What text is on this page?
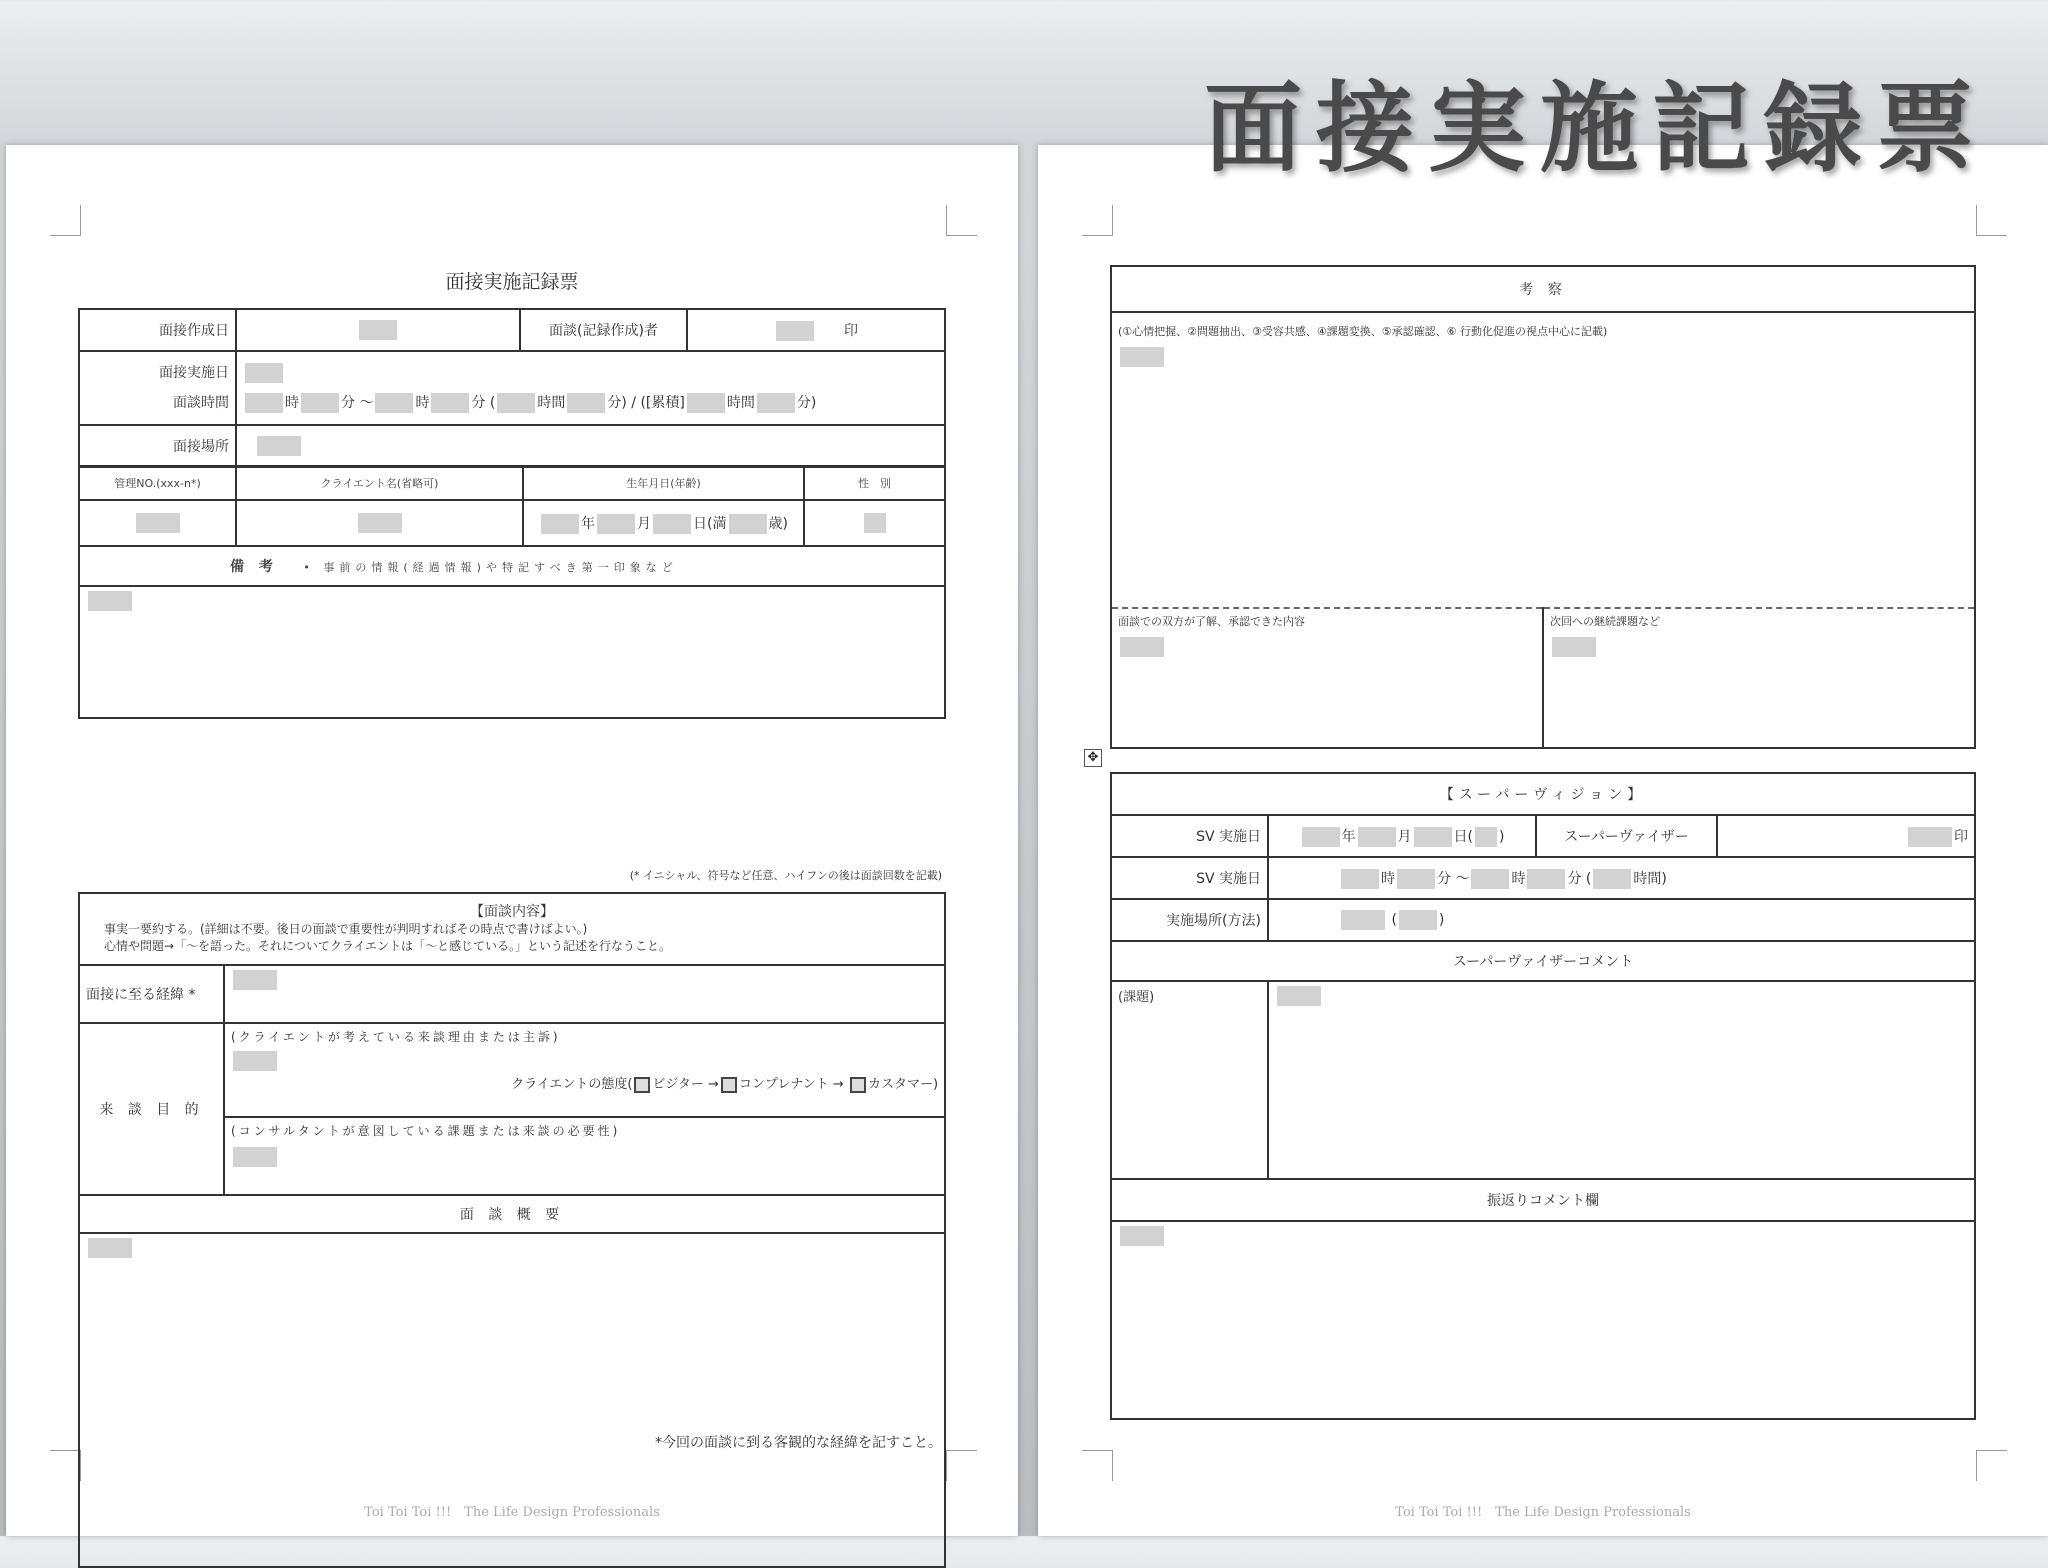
面接実施記録票
面接実施記録票
面接作成日		面談(記録作成)者	　　印

面接実施日
面談時間	時 分 〜 時 分 ( 時間 分) / ([累積] 時間 分)		

面接場所			
管理NO.(xxx-n*)	クライエント名(省略可)	生年月日(年齢)	性　別
		年 月 日(満 歳)	
備 考　　 • 事前の情報(経過情報)や特記すべき第一印象など			

(* イニシャル、符号など任意、ハイフンの後は面談回数を記載)
【面談内容】
事実一要約する。(詳細は不要。後日の面談で重要性が判明すればその時点で書けばよい。)
心情や問題→「〜を語った。それについてクライエントは「〜と感じている。」という記述を行なうこと。	

面接に至る経緯 *	
来 談 目 的	(クライエントが考えている来談理由または主訴)
クライエントの態度( ビジター → コンプレナント → カスタマー)

	(コンサルタントが意図している課題または来談の必要性)

面 談 概 要	

*今回の面談に到る客観的な経緯を記すこと。
Toi Toi Toi !!!　The Life Design Professionals
考 察

(①心情把握、②問題抽出、③受容共感、④課題変換、⑤承認確認、⑥ 行動化促進の視点中心に記載)

面談での双方が了解、承認できた内容	次回への継続課題など
✥
【スーパーヴィジョン】			
SV 実施日	年 月 日( )	スーパーヴァイザー	印　　
SV 実施日	時 分 〜 時 分 ( 時間)		
実施場所(方法)	( )		
スーパーヴァイザーコメント			
(課題)			
振返りコメント欄			

Toi Toi Toi !!!　The Life Design Professionals
